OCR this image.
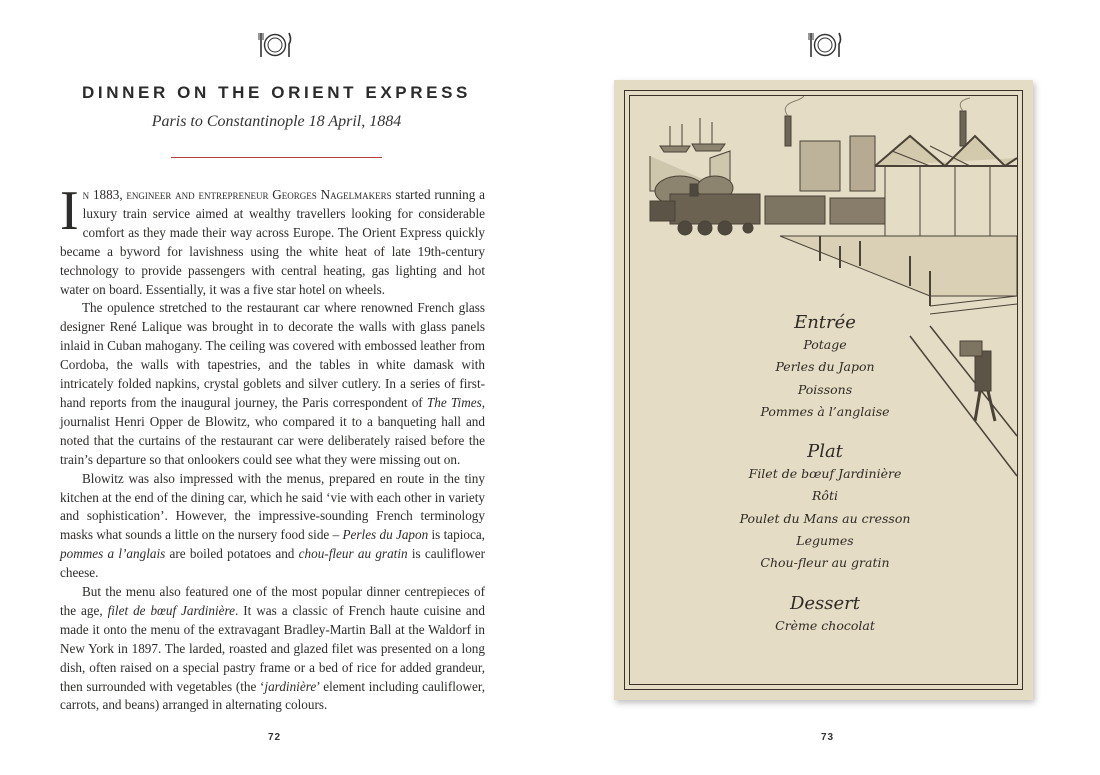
DINNER ON THE ORIENT EXPRESS
Paris to Constantinople 18 April, 1884

In 1883, engineer and entrepreneur Georges Nagelmakers started running a luxury train service aimed at wealthy travellers looking for considerable comfort as they made their way across Europe. The Orient Express quickly became a byword for lavishness using the white heat of late 19th-century technology to provide passengers with central heating, gas lighting and hot water on board. Essentially, it was a five star hotel on wheels.

The opulence stretched to the restaurant car where renowned French glass designer René Lalique was brought in to decorate the walls with glass panels inlaid in Cuban mahogany. The ceiling was covered with embossed leather from Cordoba, the walls with tapestries, and the tables in white damask with intricately folded napkins, crystal goblets and silver cutlery. In a series of first-hand reports from the inaugural journey, the Paris correspondent of The Times, journalist Henri Opper de Blowitz, who compared it to a banqueting hall and noted that the curtains of the restaurant car were deliberately raised before the train’s departure so that onlookers could see what they were missing out on.

Blowitz was also impressed with the menus, prepared en route in the tiny kitchen at the end of the dining car, which he said ‘vie with each other in variety and sophistication’. However, the impressive-sounding French terminology masks what sounds a little on the nursery food side – Perles du Japon is tapioca, pommes a l’anglais are boiled potatoes and chou-fleur au gratin is cauliflower cheese.

But the menu also featured one of the most popular dinner centrepieces of the age, filet de bœuf Jardinière. It was a classic of French haute cuisine and made it onto the menu of the extravagant Bradley-Martin Ball at the Waldorf in New York in 1897. The larded, roasted and glazed filet was presented on a long dish, often raised on a special pastry frame or a bed of rice for added grandeur, then surrounded with vegetables (the ‘jardinière’ element including cauliflower, carrots, and beans) arranged in alternating colours.

72
Entrée
Potage
Perles du Japon
Poissons
Pommes à l’anglaise
Plat
Filet de bœuf Jardinière
Rôti
Poulet du Mans au cresson
Legumes
Chou-fleur au gratin
Dessert
Crème chocolat
73
